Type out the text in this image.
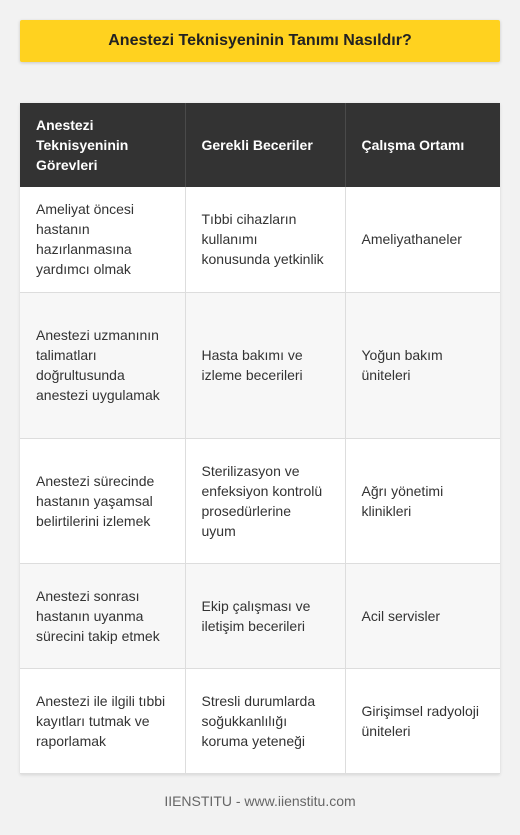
Anestezi Teknisyeninin Tanımı Nasıldır?
Anestezi Teknisyeninin Görevleri	Gerekli Beceriler	Çalışma Ortamı
Ameliyat öncesi hastanın hazırlanmasına yardımcı olmak	Tıbbi cihazların kullanımı konusunda yetkinlik	Ameliyathaneler
Anestezi uzmanının talimatları doğrultusunda anestezi uygulamak	Hasta bakımı ve izleme becerileri	Yoğun bakım üniteleri
Anestezi sürecinde hastanın yaşamsal belirtilerini izlemek	Sterilizasyon ve enfeksiyon kontrolü prosedürlerine uyum	Ağrı yönetimi klinikleri
Anestezi sonrası hastanın uyanma sürecini takip etmek	Ekip çalışması ve iletişim becerileri	Acil servisler
Anestezi ile ilgili tıbbi kayıtları tutmak ve raporlamak	Stresli durumlarda soğukkanlılığı koruma yeteneği	Girişimsel radyoloji üniteleri
IIENSTITU - www.iienstitu.com
